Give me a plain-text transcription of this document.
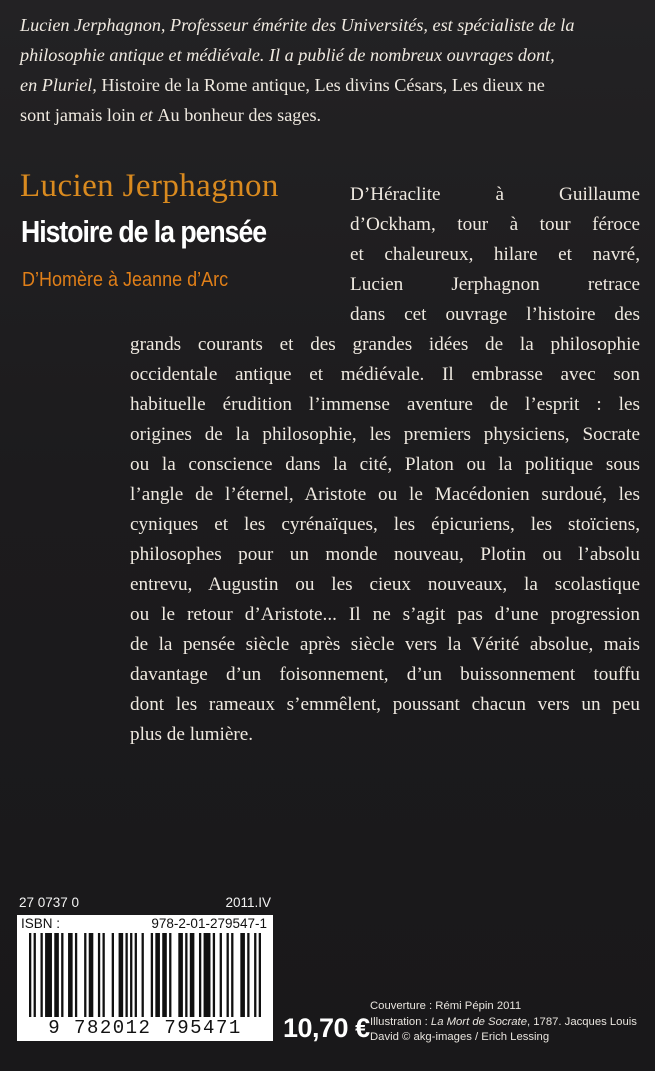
Lucien Jerphagnon, Professeur émérite des Universités, est spécialiste de la
philosophie antique et médiévale. Il a publié de nombreux ouvrages dont,
en Pluriel, Histoire de la Rome antique, Les divins Césars, Les dieux ne
sont jamais loin et Au bonheur des sages.

Lucien Jerphagnon
Histoire de la pensée

D’Homère à Jeanne d’Arc

D’Héraclite à Guillaume

d’Ockham, tour à tour féroce

et chaleureux, hilare et navré,

Lucien Jerphagnon retrace

dans cet ouvrage l’histoire des

grands courants et des grandes idées de la philosophie

occidentale antique et médiévale. Il embrasse avec son

habituelle érudition l’immense aventure de l’esprit : les

origines de la philosophie, les premiers physiciens, Socrate

ou la conscience dans la cité, Platon ou la politique sous

l’angle de l’éternel, Aristote ou le Macédonien surdoué, les

cyniques et les cyrénaïques, les épicuriens, les stoïciens,

philosophes pour un monde nouveau, Plotin ou l’absolu

entrevu, Augustin ou les cieux nouveaux, la scolastique

ou le retour d’Aristote... Il ne s’agit pas d’une progression

de la pensée siècle après siècle vers la Vérité absolue, mais

davantage d’un foisonnement, d’un buissonnement touffu

dont les rameaux s’emmêlent, poussant chacun vers un peu

plus de lumière.

27 0737 0	2011.IV
ISBN :	978-2-01-279547-1
9 782012 795471	10,70 €

Couverture : Rémi Pépin 2011

Illustration : La Mort de Socrate, 1787. Jacques Louis

David © akg-images / Erich Lessing
